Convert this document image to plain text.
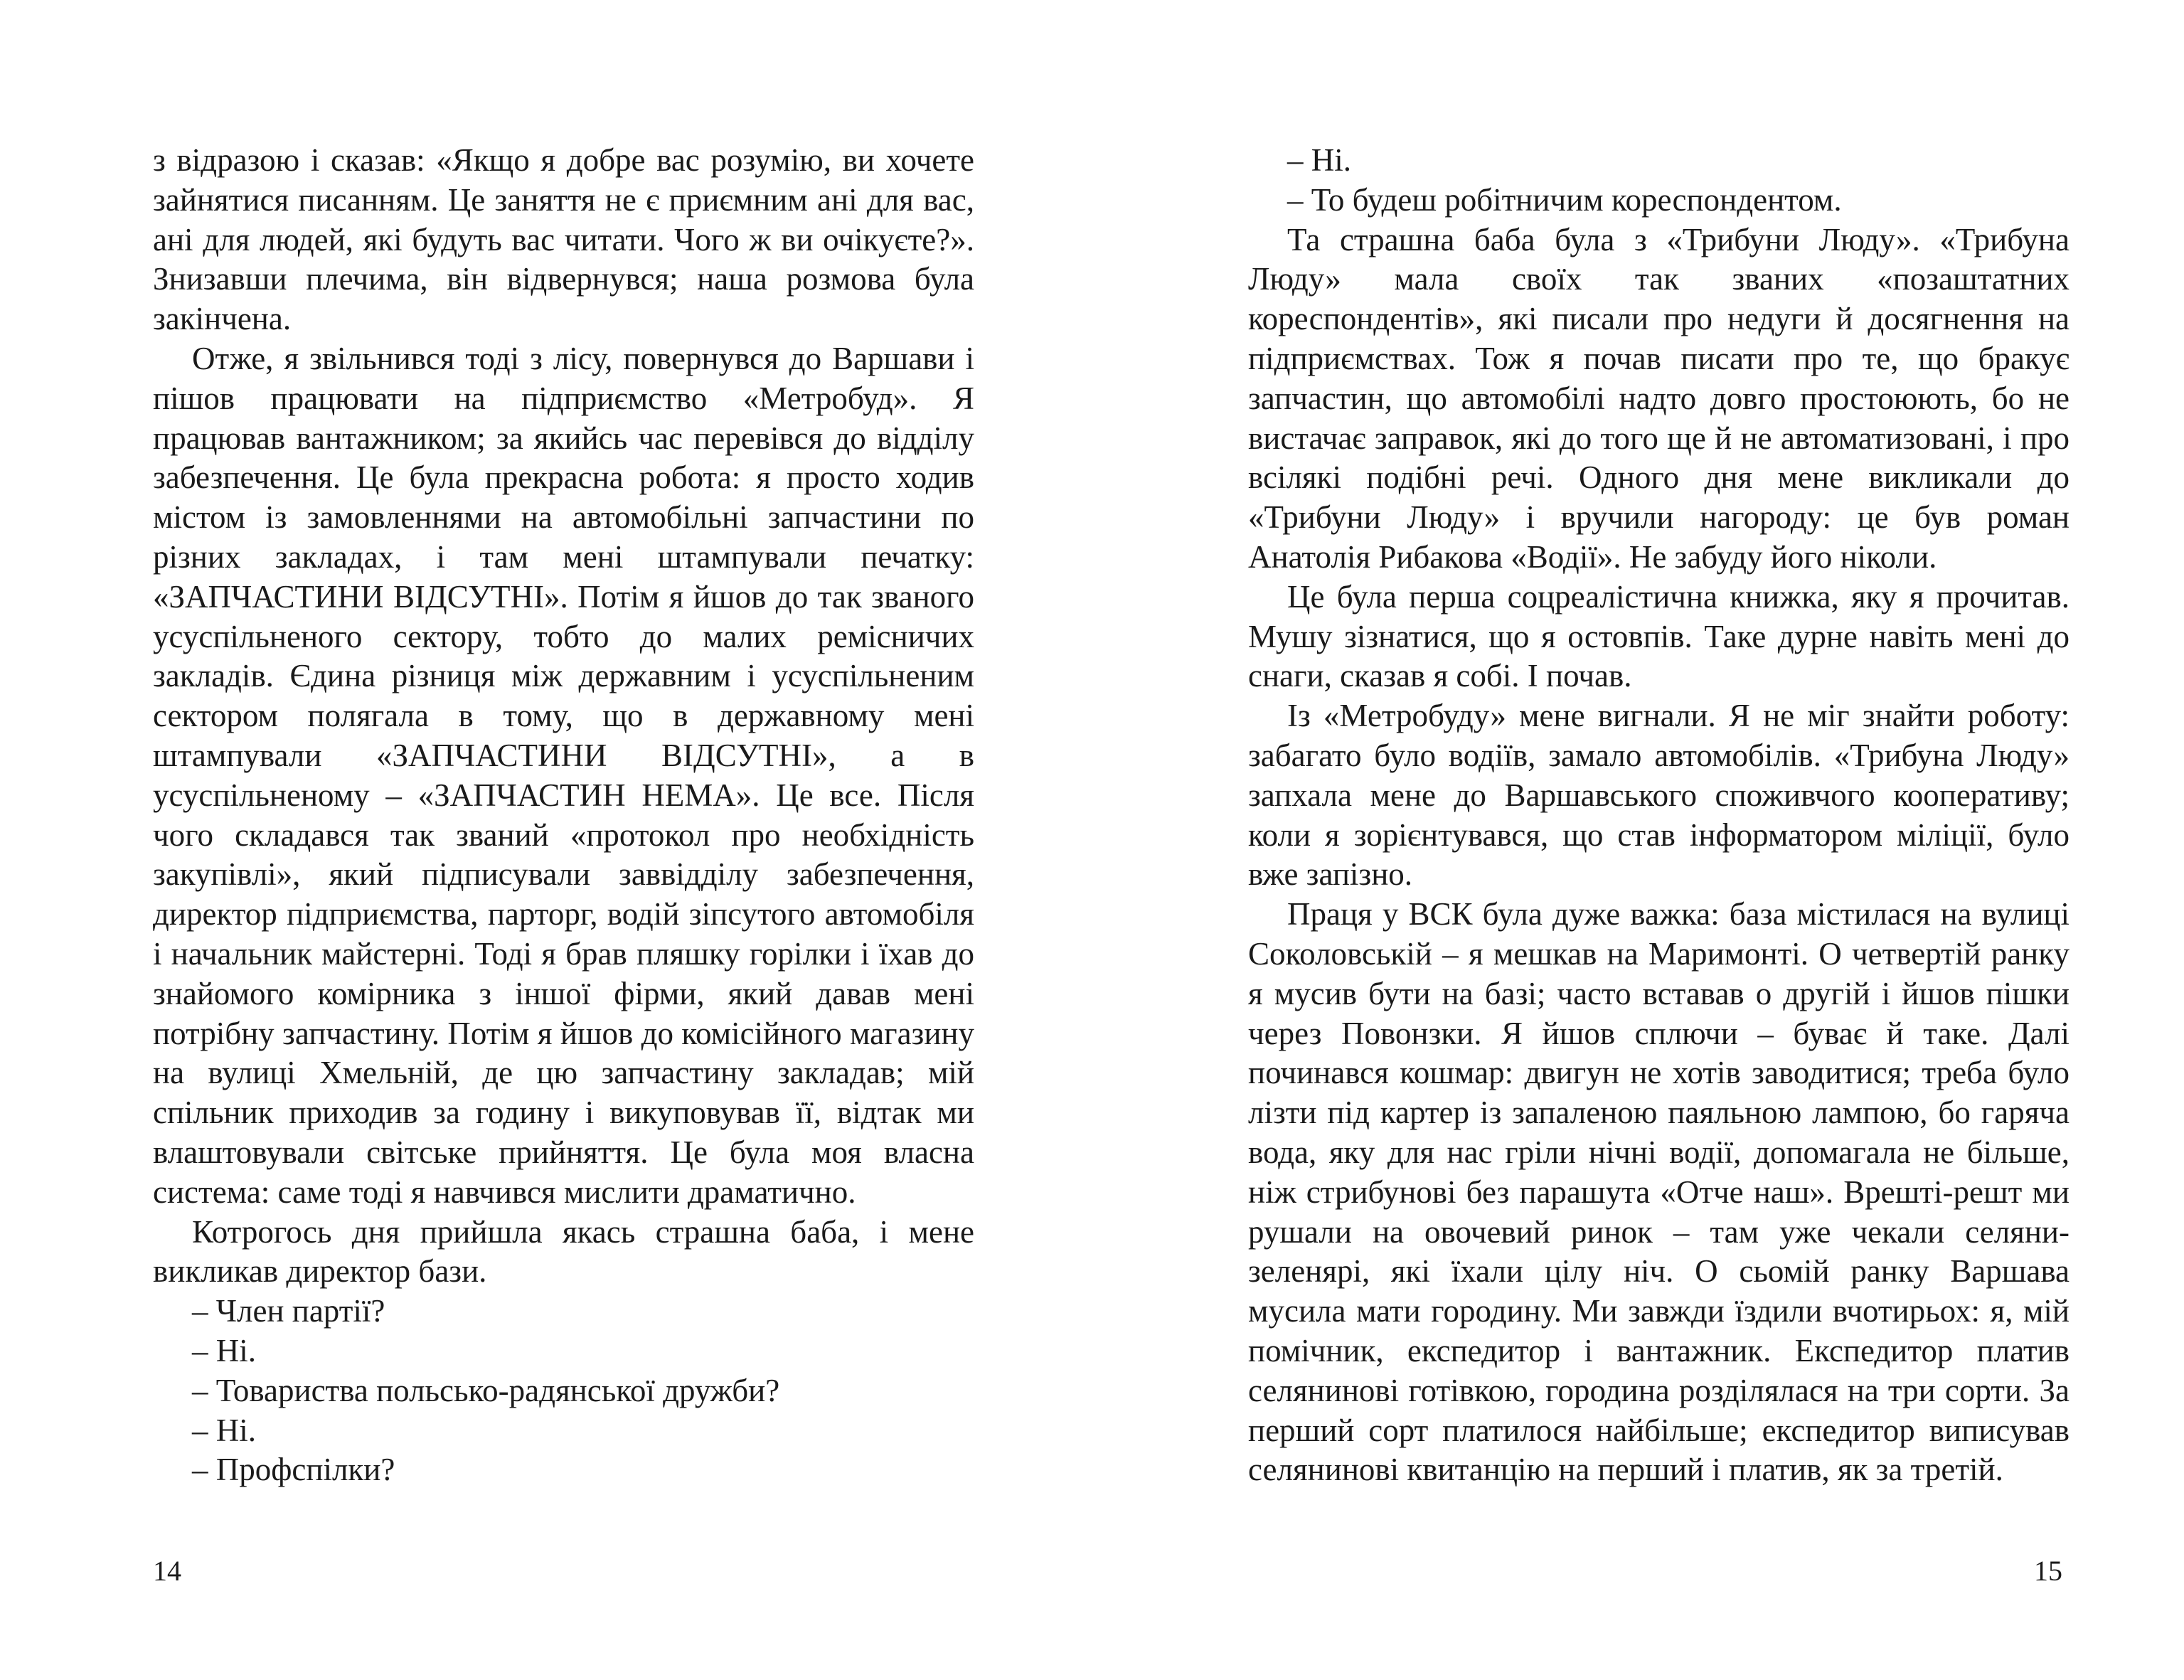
з відразою і сказав: «Якщо я добре вас розумію, ви хочете зайнятися писанням. Це заняття не є приємним ані для вас, ані для людей, які будуть вас читати. Чого ж ви очікуєте?». Знизавши плечима, він відвернувся; наша розмова була закінчена.

Отже, я звільнився тоді з лісу, повернувся до Варшави і пішов працювати на підприємство «Метробуд». Я працював вантажником; за якийсь час перевівся до відділу забезпечення. Це була прекрасна робота: я просто ходив містом із замовленнями на автомобільні запчастини по різних закладах, і там мені штампували печатку: «ЗАПЧАСТИНИ ВІДСУТНІ». Потім я йшов до так званого усуспільненого сектору, тобто до малих ремісничих закладів. Єдина різниця між державним і усуспільненим сектором полягала в тому, що в державному мені штампували «ЗАПЧАСТИНИ ВІДСУТНІ», а в усуспільненому – «ЗАПЧАСТИН НЕМА». Це все. Після чого складався так званий «протокол про необхідність закупівлі», який підписували заввідділу забезпечення, директор підприємства, парторг, водій зіпсутого автомобіля і начальник майстерні. Тоді я брав пляшку горілки і їхав до знайомого комірника з іншої фірми, який давав мені потрібну запчастину. Потім я йшов до комісійного магазину на вулиці Хмельній, де цю запчастину закладав; мій спільник приходив за годину і викуповував її, відтак ми влаштовували світське прийняття. Це була моя власна система: саме тоді я навчився мислити драматично.

Котрогось дня прийшла якась страшна баба, і мене викликав директор бази.

– Член партії?

– Ні.

– Товариства польсько-радянської дружби?

– Ні.

– Профспілки?

– Ні.

– То будеш робітничим кореспондентом.

Та страшна баба була з «Трибуни Люду». «Трибуна Люду» мала своїх так званих «позаштатних кореспондентів», які писали про недуги й досягнення на підприємствах. Тож я почав писати про те, що бракує запчастин, що автомобілі надто довго простоюють, бо не вистачає заправок, які до того ще й не автоматизовані, і про всілякі подібні речі. Одного дня мене викликали до «Трибуни Люду» і вручили нагороду: це був роман Анатолія Рибакова «Водії». Не забуду його ніколи.

Це була перша соцреалістична книжка, яку я прочитав. Мушу зізнатися, що я остовпів. Таке дурне навіть мені до снаги, сказав я собі. І почав.

Із «Метробуду» мене вигнали. Я не міг знайти роботу: забагато було водіїв, замало автомобілів. «Трибуна Люду» запхала мене до Варшавського споживчого кооперативу; коли я зорієнтувався, що став інформатором міліції, було вже запізно.

Праця у ВСК була дуже важка: база містилася на вулиці Соколовській – я мешкав на Маримонті. О четвертій ранку я мусив бути на базі; часто вставав о другій і йшов пішки через Повонзки. Я йшов сплючи – буває й таке. Далі починався кошмар: двигун не хотів заводитися; треба було лізти під картер із запаленою паяльною лампою, бо гаряча вода, яку для нас гріли нічні водії, допомагала не більше, ніж стрибунові без парашута «Отче наш». Врешті-решт ми рушали на овочевий ринок – там уже чекали селяни-зеленярі, які їхали цілу ніч. О сьомій ранку Варшава мусила мати городину. Ми завжди їздили вчотирьох: я, мій помічник, експедитор і вантажник. Експедитор платив селянинові готівкою, городина розділялася на три сорти. За перший сорт платилося найбільше; експедитор виписував селянинові квитанцію на перший і платив, як за третій.

14	15
